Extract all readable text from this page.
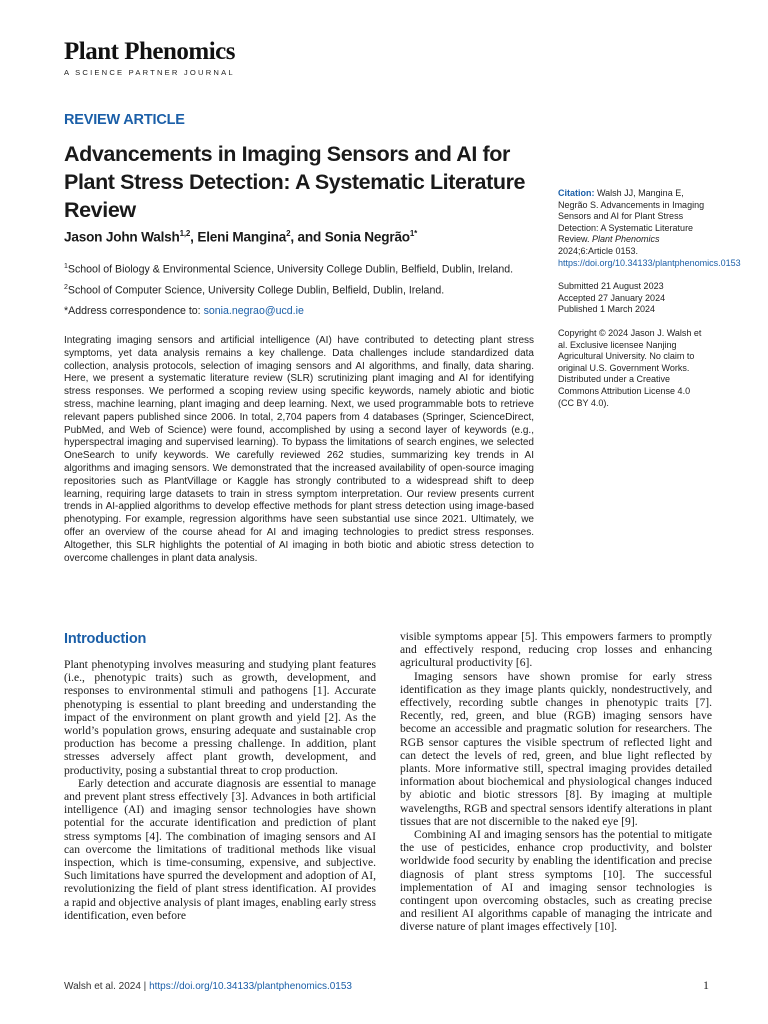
Plant Phenomics
A SCIENCE PARTNER JOURNAL
REVIEW ARTICLE
Advancements in Imaging Sensors and AI for Plant Stress Detection: A Systematic Literature Review
Jason John Walsh$^{1,2}$, Eleni Mangina$^2$, and Sonia Negrão$^{1*}$
$^1$School of Biology & Environmental Science, University College Dublin, Belfield, Dublin, Ireland. $^2$School of Computer Science, University College Dublin, Belfield, Dublin, Ireland.
*Address correspondence to: sonia.negrao@ucd.ie
Integrating imaging sensors and artificial intelligence (AI) have contributed to detecting plant stress symptoms, yet data analysis remains a key challenge. Data challenges include standardized data collection, analysis protocols, selection of imaging sensors and AI algorithms, and finally, data sharing. Here, we present a systematic literature review (SLR) scrutinizing plant imaging and AI for identifying stress responses. We performed a scoping review using specific keywords, namely abiotic and biotic stress, machine learning, plant imaging and deep learning. Next, we used programmable bots to retrieve relevant papers published since 2006. In total, 2,704 papers from 4 databases (Springer, ScienceDirect, PubMed, and Web of Science) were found, accomplished by using a second layer of keywords (e.g., hyperspectral imaging and supervised learning). To bypass the limitations of search engines, we selected OneSearch to unify keywords. We carefully reviewed 262 studies, summarizing key trends in AI algorithms and imaging sensors. We demonstrated that the increased availability of open-source imaging repositories such as PlantVillage or Kaggle has strongly contributed to a widespread shift to deep learning, requiring large datasets to train in stress symptom interpretation. Our review presents current trends in AI-applied algorithms to develop effective methods for plant stress detection using image-based phenotyping. For example, regression algorithms have seen substantial use since 2021. Ultimately, we offer an overview of the course ahead for AI and imaging technologies to predict stress responses. Altogether, this SLR highlights the potential of AI imaging in both biotic and abiotic stress detection to overcome challenges in plant data analysis.
Citation: Walsh JJ, Mangina E, Negrão S. Advancements in Imaging Sensors and AI for Plant Stress Detection: A Systematic Literature Review. Plant Phenomics 2024;6:Article 0153. https://doi.org/10.34133/plantphenomics.0153
Submitted 21 August 2023
Accepted 27 January 2024
Published 1 March 2024
Copyright © 2024 Jason J. Walsh et al. Exclusive licensee Nanjing Agricultural University. No claim to original U.S. Government Works. Distributed under a Creative Commons Attribution License 4.0 (CC BY 4.0).
Introduction

Plant phenotyping involves measuring and studying plant features (i.e., phenotypic traits) such as growth, development, and responses to environmental stimuli and pathogens [1]. Accurate phenotyping is essential to plant breeding and understanding the impact of the environment on plant growth and yield [2]. As the world’s population grows, ensuring adequate and sustainable crop production has become a pressing challenge. In addition, plant stresses adversely affect plant growth, development, and productivity, posing a substantial threat to crop production.

Early detection and accurate diagnosis are essential to manage and prevent plant stress effectively [3]. Advances in both artificial intelligence (AI) and imaging sensor technologies have shown potential for the accurate identification and prediction of plant stress symptoms [4]. The combination of imaging sensors and AI can overcome the limitations of traditional methods like visual inspection, which is time-consuming, expensive, and subjective. Such limitations have spurred the development and adoption of AI, revolutionizing the field of plant stress identification. AI provides a rapid and objective analysis of plant images, enabling early stress identification, even before

visible symptoms appear [5]. This empowers farmers to promptly and effectively respond, reducing crop losses and enhancing agricultural productivity [6].

Imaging sensors have shown promise for early stress identification as they image plants quickly, nondestructively, and effectively, recording subtle changes in phenotypic traits [7]. Recently, red, green, and blue (RGB) imaging sensors have become an accessible and pragmatic solution for researchers. The RGB sensor captures the visible spectrum of reflected light and can detect the levels of red, green, and blue light reflected by plants. More informative still, spectral imaging provides detailed information about biochemical and physiological changes induced by abiotic and biotic stressors [8]. By imaging at multiple wavelengths, RGB and spectral sensors identify alterations in plant tissues that are not discernible to the naked eye [9].

Combining AI and imaging sensors has the potential to mitigate the use of pesticides, enhance crop productivity, and bolster worldwide food security by enabling the identification and precise diagnosis of plant stress symptoms [10]. The successful implementation of AI and imaging sensor technologies is contingent upon overcoming obstacles, such as creating precise and resilient AI algorithms capable of managing the intricate and diverse nature of plant images effectively [10].

Walsh et al. 2024 | https://doi.org/10.34133/plantphenomics.0153	1
